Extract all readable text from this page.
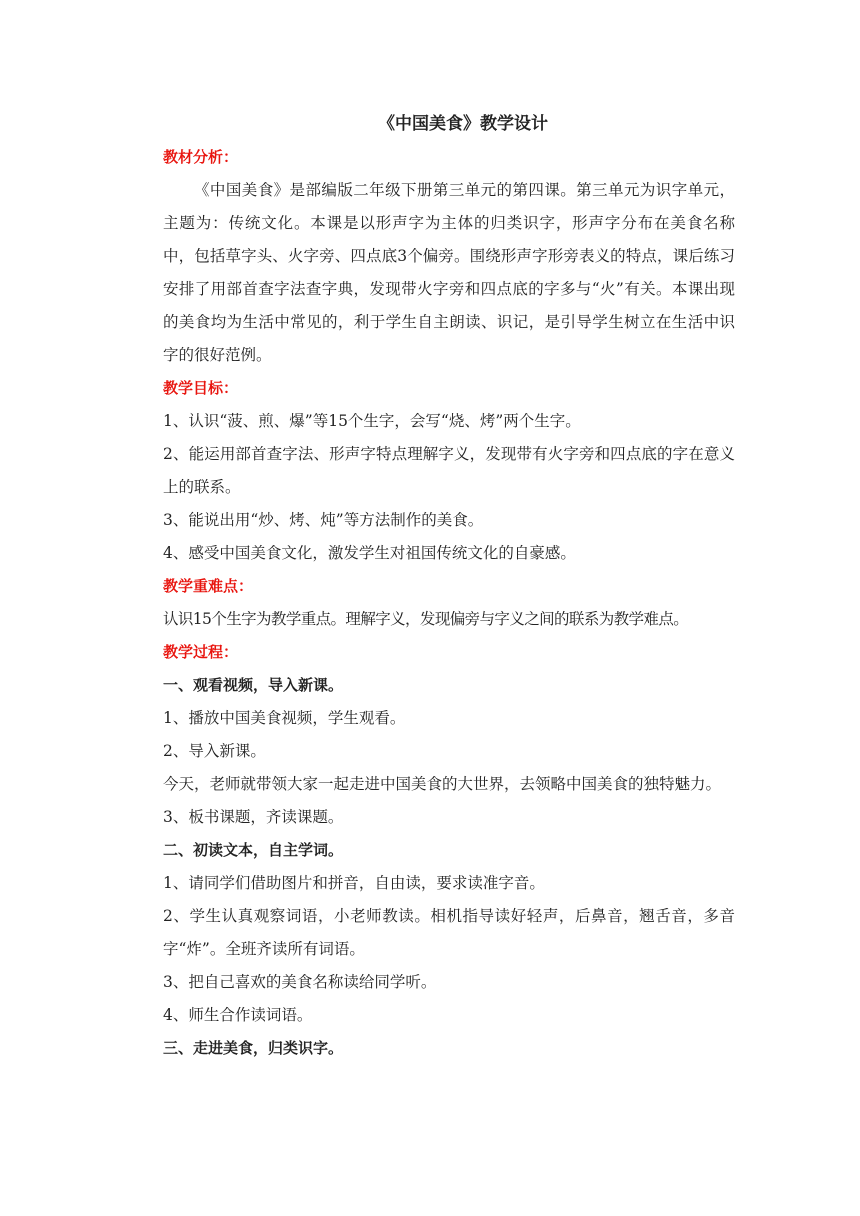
《中国美食》教学设计
教材分析：

《中国美食》是部编版二年级下册第三单元的第四课。第三单元为识字单元，主题为：传统文化。本课是以形声字为主体的归类识字，形声字分布在美食名称中，包括草字头、火字旁、四点底3个偏旁。围绕形声字形旁表义的特点，课后练习安排了用部首查字法查字典，发现带火字旁和四点底的字多与“火”有关。本课出现的美食均为生活中常见的，利于学生自主朗读、识记，是引导学生树立在生活中识字的很好范例。

教学目标：

1、认识“菠、煎、爆”等15个生字，会写“烧、烤”两个生字。

2、能运用部首查字法、形声字特点理解字义，发现带有火字旁和四点底的字在意义上的联系。

3、能说出用“炒、烤、炖”等方法制作的美食。

4、感受中国美食文化，激发学生对祖国传统文化的自豪感。

教学重难点：

认识15个生字为教学重点。理解字义，发现偏旁与字义之间的联系为教学难点。

教学过程：
一、观看视频，导入新课。

1、播放中国美食视频，学生观看。

2、导入新课。

今天，老师就带领大家一起走进中国美食的大世界，去领略中国美食的独特魅力。

3、板书课题，齐读课题。

二、初读文本，自主学词。

1、请同学们借助图片和拼音，自由读，要求读准字音。

2、学生认真观察词语，小老师教读。相机指导读好轻声，后鼻音，翘舌音，多音字“炸”。全班齐读所有词语。

3、把自己喜欢的美食名称读给同学听。

4、师生合作读词语。

三、走进美食，归类识字。
